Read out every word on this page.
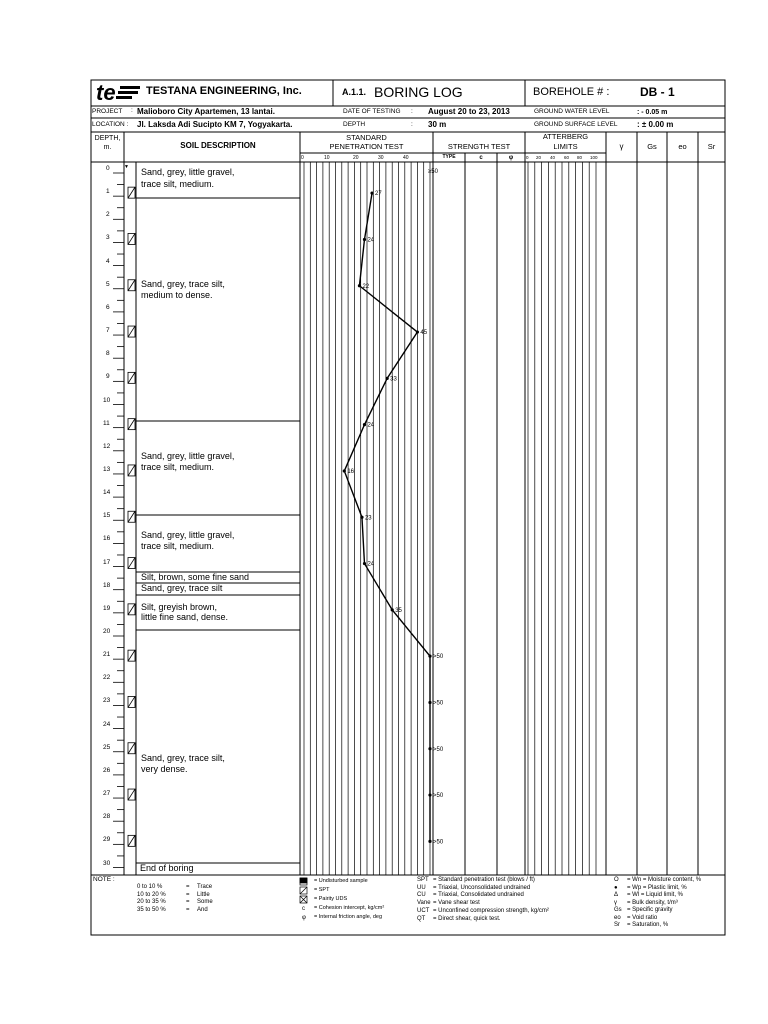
27
24
22
45
33
24
16
23
24
35
>50
>50
>50
>50
>50
▼
te	TESTANA ENGINEERING, Inc.	A.1.1. BORING LOG	BOREHOLE # :	DB - 1
PROJECT : Malioboro City Apartemen, 13 lantai.
LOCATION : Jl. Laksda Adi Sucipto KM 7, Yogyakarta.
DATE OF TESTING : August 20 to 23, 2013
DEPTH	: 30 m
GROUND WATER LEVEL	: - 0.05 m
GROUND SURFACE LEVEL : ± 0.00 m
DEPTH,
m.	SOIL DESCRIPTION
STANDARD
PENETRATION TEST	STRENGTH TEST
TYPE	c	φ
ATTERBERG
LIMITS	γ	Gs	eo	Sr
0	10	20	30	40
≥50
0 20 40 60 80 100
0
1
2
3
4
5
6
7
8
9
10
11
12
13
14
15
16
17
18
19
20
21
22
23
24
25
26
27
28
29
30
Sand, grey, little gravel,
trace silt, medium.
Sand, grey, trace silt,
medium to dense.
Sand, grey, little gravel,
trace silt, medium.
Sand, grey, little gravel,
trace silt, medium.
Silt, brown, some fine sand
Sand, grey, trace silt
Silt, greyish brown,
little fine sand, dense.
Sand, grey, trace silt,
very dense.
End of boring
NOTE :
0 to 10 %	= Trace
10 to 20 %	= Little
20 to 35 %	= Some
35 to 50 %	= And
= Undisturbed sample
= SPT
= Pairity UDS
c = Cohesion intercept, kg/cm²
φ = Internal friction angle, deg
SPT = Standard penetration test (blows / ft)
UU = Triaxial, Unconsolidated undrained
CU = Triaxial, Consolidated undrained
Vane = Vane shear test
UCT = Unconfined compression strength, kg/cm²
QT = Direct shear, quick test.
O = Wn = Moisture content, %
● = Wp = Plastic limit, %
Δ = Wl = Liquid limit, %
γ = Bulk density, t/m³
Gs = Specific gravity
eo = Void ratio
Sr = Saturation, %
